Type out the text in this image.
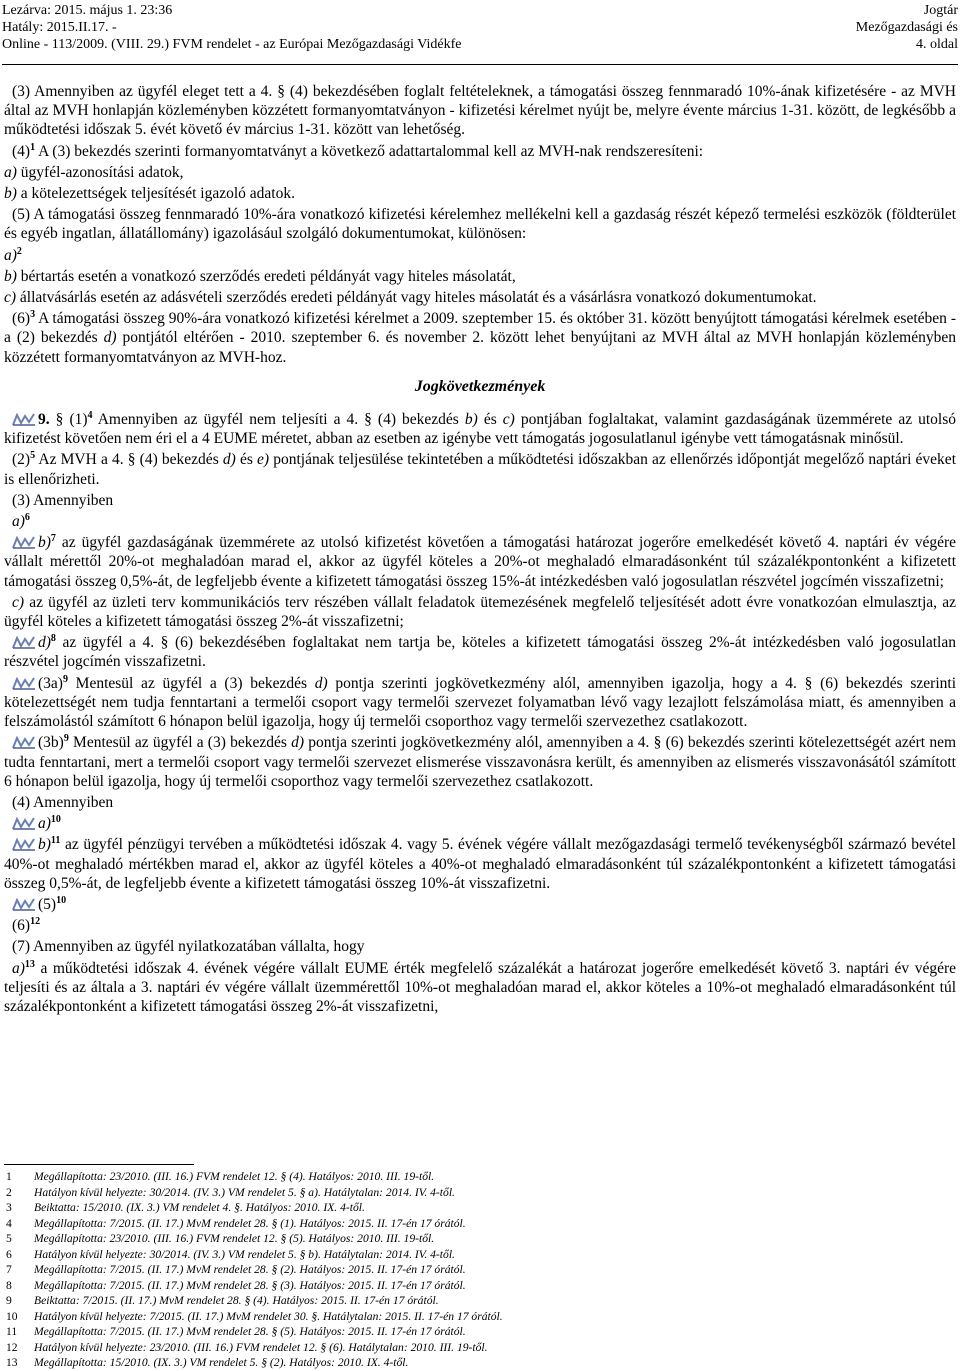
Lezárva: 2015. május 1. 23:36
Hatály: 2015.II.17. -
Online - 113/2009. (VIII. 29.) FVM rendelet - az Európai Mezőgazdasági Vidékfe
Jogtár
Mezőgazdasági és
4. oldal

(3) Amennyiben az ügyfél eleget tett a 4. § (4) bekezdésében foglalt feltételeknek, a támogatási összeg fennmaradó 10%-ának kifizetésére - az MVH által az MVH honlapján közleményben közzétett formanyomtatványon - kifizetési kérelmet nyújt be, melyre évente március 1-31. között, de legkésőbb a működtetési időszak 5. évét követő év március 1-31. között van lehetőség.

$(4)^1$ A (3) bekezdés szerinti formanyomtatványt a következő adattartalommal kell az MVH-nak rendszeresíteni:

a) ügyfél-azonosítási adatok,

b) a kötelezettségek teljesítését igazoló adatok.

(5) A támogatási összeg fennmaradó 10%-ára vonatkozó kifizetési kérelemhez mellékelni kell a gazdaság részét képező termelési eszközök (földterület és egyéb ingatlan, állatállomány) igazolásául szolgáló dokumentumokat, különösen:

a)$^2$

b) bértartás esetén a vonatkozó szerződés eredeti példányát vagy hiteles másolatát,

c) állatvásárlás esetén az adásvételi szerződés eredeti példányát vagy hiteles másolatát és a vásárlásra vonatkozó dokumentumokat.

$(6)^3$ A támogatási összeg 90%-ára vonatkozó kifizetési kérelmet a 2009. szeptember 15. és október 31. között benyújtott támogatási kérelmek esetében - a (2) bekezdés d) pontjától eltérően - 2010. szeptember 6. és november 2. között lehet benyújtani az MVH által az MVH honlapján közleményben közzétett formanyomtatványon az MVH-hoz.

Jogkövetkezmények

9. § $(1)^4$ Amennyiben az ügyfél nem teljesíti a 4. § (4) bekezdés b) és c) pontjában foglaltakat, valamint gazdaságának üzemmérete az utolsó kifizetést követően nem éri el a 4 EUME méretet, abban az esetben az igénybe vett támogatás jogosulatlanul igénybe vett támogatásnak minősül.

$(2)^5$ Az MVH a 4. § (4) bekezdés d) és e) pontjának teljesülése tekintetében a működtetési időszakban az ellenőrzés időpontját megelőző naptári éveket is ellenőrizheti.

(3) Amennyiben

a)$^6$

b)$^7$ az ügyfél gazdaságának üzemmérete az utolsó kifizetést követően a támogatási határozat jogerőre emelkedését követő 4. naptári év végére vállalt mérettől 20%-ot meghaladóan marad el, akkor az ügyfél köteles a 20%-ot meghaladó elmaradásonként túl százalékpontonként a kifizetett támogatási összeg 0,5%-át, de legfeljebb évente a kifizetett támogatási összeg 15%-át intézkedésben való jogosulatlan részvétel jogcímén visszafizetni;

c) az ügyfél az üzleti terv kommunikációs terv részében vállalt feladatok ütemezésének megfelelő teljesítését adott évre vonatkozóan elmulasztja, az ügyfél köteles a kifizetett támogatási összeg 2%-át visszafizetni;

d)$^8$ az ügyfél a 4. § (6) bekezdésében foglaltakat nem tartja be, köteles a kifizetett támogatási összeg 2%-át intézkedésben való jogosulatlan részvétel jogcímén visszafizetni.

$(3a)^9$ Mentesül az ügyfél a (3) bekezdés d) pontja szerinti jogkövetkezmény alól, amennyiben igazolja, hogy a 4. § (6) bekezdés szerinti kötelezettségét nem tudja fenntartani a termelői csoport vagy termelői szervezet folyamatban lévő vagy lezajlott felszámolása miatt, és amennyiben a felszámolástól számított 6 hónapon belül igazolja, hogy új termelői csoporthoz vagy termelői szervezethez csatlakozott.

$(3b)^9$ Mentesül az ügyfél a (3) bekezdés d) pontja szerinti jogkövetkezmény alól, amennyiben a 4. § (6) bekezdés szerinti kötelezettségét azért nem tudta fenntartani, mert a termelői csoport vagy termelői szervezet elismerése visszavonásra került, és amennyiben az elismerés visszavonásától számított 6 hónapon belül igazolja, hogy új termelői csoporthoz vagy termelői szervezethez csatlakozott.

(4) Amennyiben

a)$^{10}$

b)$^{11}$ az ügyfél pénzügyi tervében a működtetési időszak 4. vagy 5. évének végére vállalt mezőgazdasági termelő tevékenységből származó bevétel 40%-ot meghaladó mértékben marad el, akkor az ügyfél köteles a 40%-ot meghaladó elmaradásonként túl százalékpontonként a kifizetett támogatási összeg 0,5%-át, de legfeljebb évente a kifizetett támogatási összeg 10%-át visszafizetni.

$(5)^{10}$

$(6)^{12}$

(7) Amennyiben az ügyfél nyilatkozatában vállalta, hogy

a)$^{13}$ a működtetési időszak 4. évének végére vállalt EUME érték megfelelő százalékát a határozat jogerőre emelkedését követő 3. naptári év végére teljesíti és az általa a 3. naptári év végére vállalt üzemmérettől 10%-ot meghaladóan marad el, akkor köteles a 10%-ot meghaladó elmaradásonként túl százalékpontonként a kifizetett támogatási összeg 2%-át visszafizetni,

1	Megállapította: 23/2010. (III. 16.) FVM rendelet 12. § (4). Hatályos: 2010. III. 19-től.
2	Hatályon kívül helyezte: 30/2014. (IV. 3.) VM rendelet 5. § a). Hatálytalan: 2014. IV. 4-től.
3	Beiktatta: 15/2010. (IX. 3.) VM rendelet 4. §. Hatályos: 2010. IX. 4-től.
4	Megállapította: 7/2015. (II. 17.) MvM rendelet 28. § (1). Hatályos: 2015. II. 17-én 17 órától.
5	Megállapította: 23/2010. (III. 16.) FVM rendelet 12. § (5). Hatályos: 2010. III. 19-től.
6	Hatályon kívül helyezte: 30/2014. (IV. 3.) VM rendelet 5. § b). Hatálytalan: 2014. IV. 4-től.
7	Megállapította: 7/2015. (II. 17.) MvM rendelet 28. § (2). Hatályos: 2015. II. 17-én 17 órától.
8	Megállapította: 7/2015. (II. 17.) MvM rendelet 28. § (3). Hatályos: 2015. II. 17-én 17 órától.
9	Beiktatta: 7/2015. (II. 17.) MvM rendelet 28. § (4). Hatályos: 2015. II. 17-én 17 órától.
10	Hatályon kívül helyezte: 7/2015. (II. 17.) MvM rendelet 30. §. Hatálytalan: 2015. II. 17-én 17 órától.
11	Megállapította: 7/2015. (II. 17.) MvM rendelet 28. § (5). Hatályos: 2015. II. 17-én 17 órától.
12	Hatályon kívül helyezte: 23/2010. (III. 16.) FVM rendelet 12. § (6). Hatálytalan: 2010. III. 19-től.
13	Megállapította: 15/2010. (IX. 3.) VM rendelet 5. § (2). Hatályos: 2010. IX. 4-től.
